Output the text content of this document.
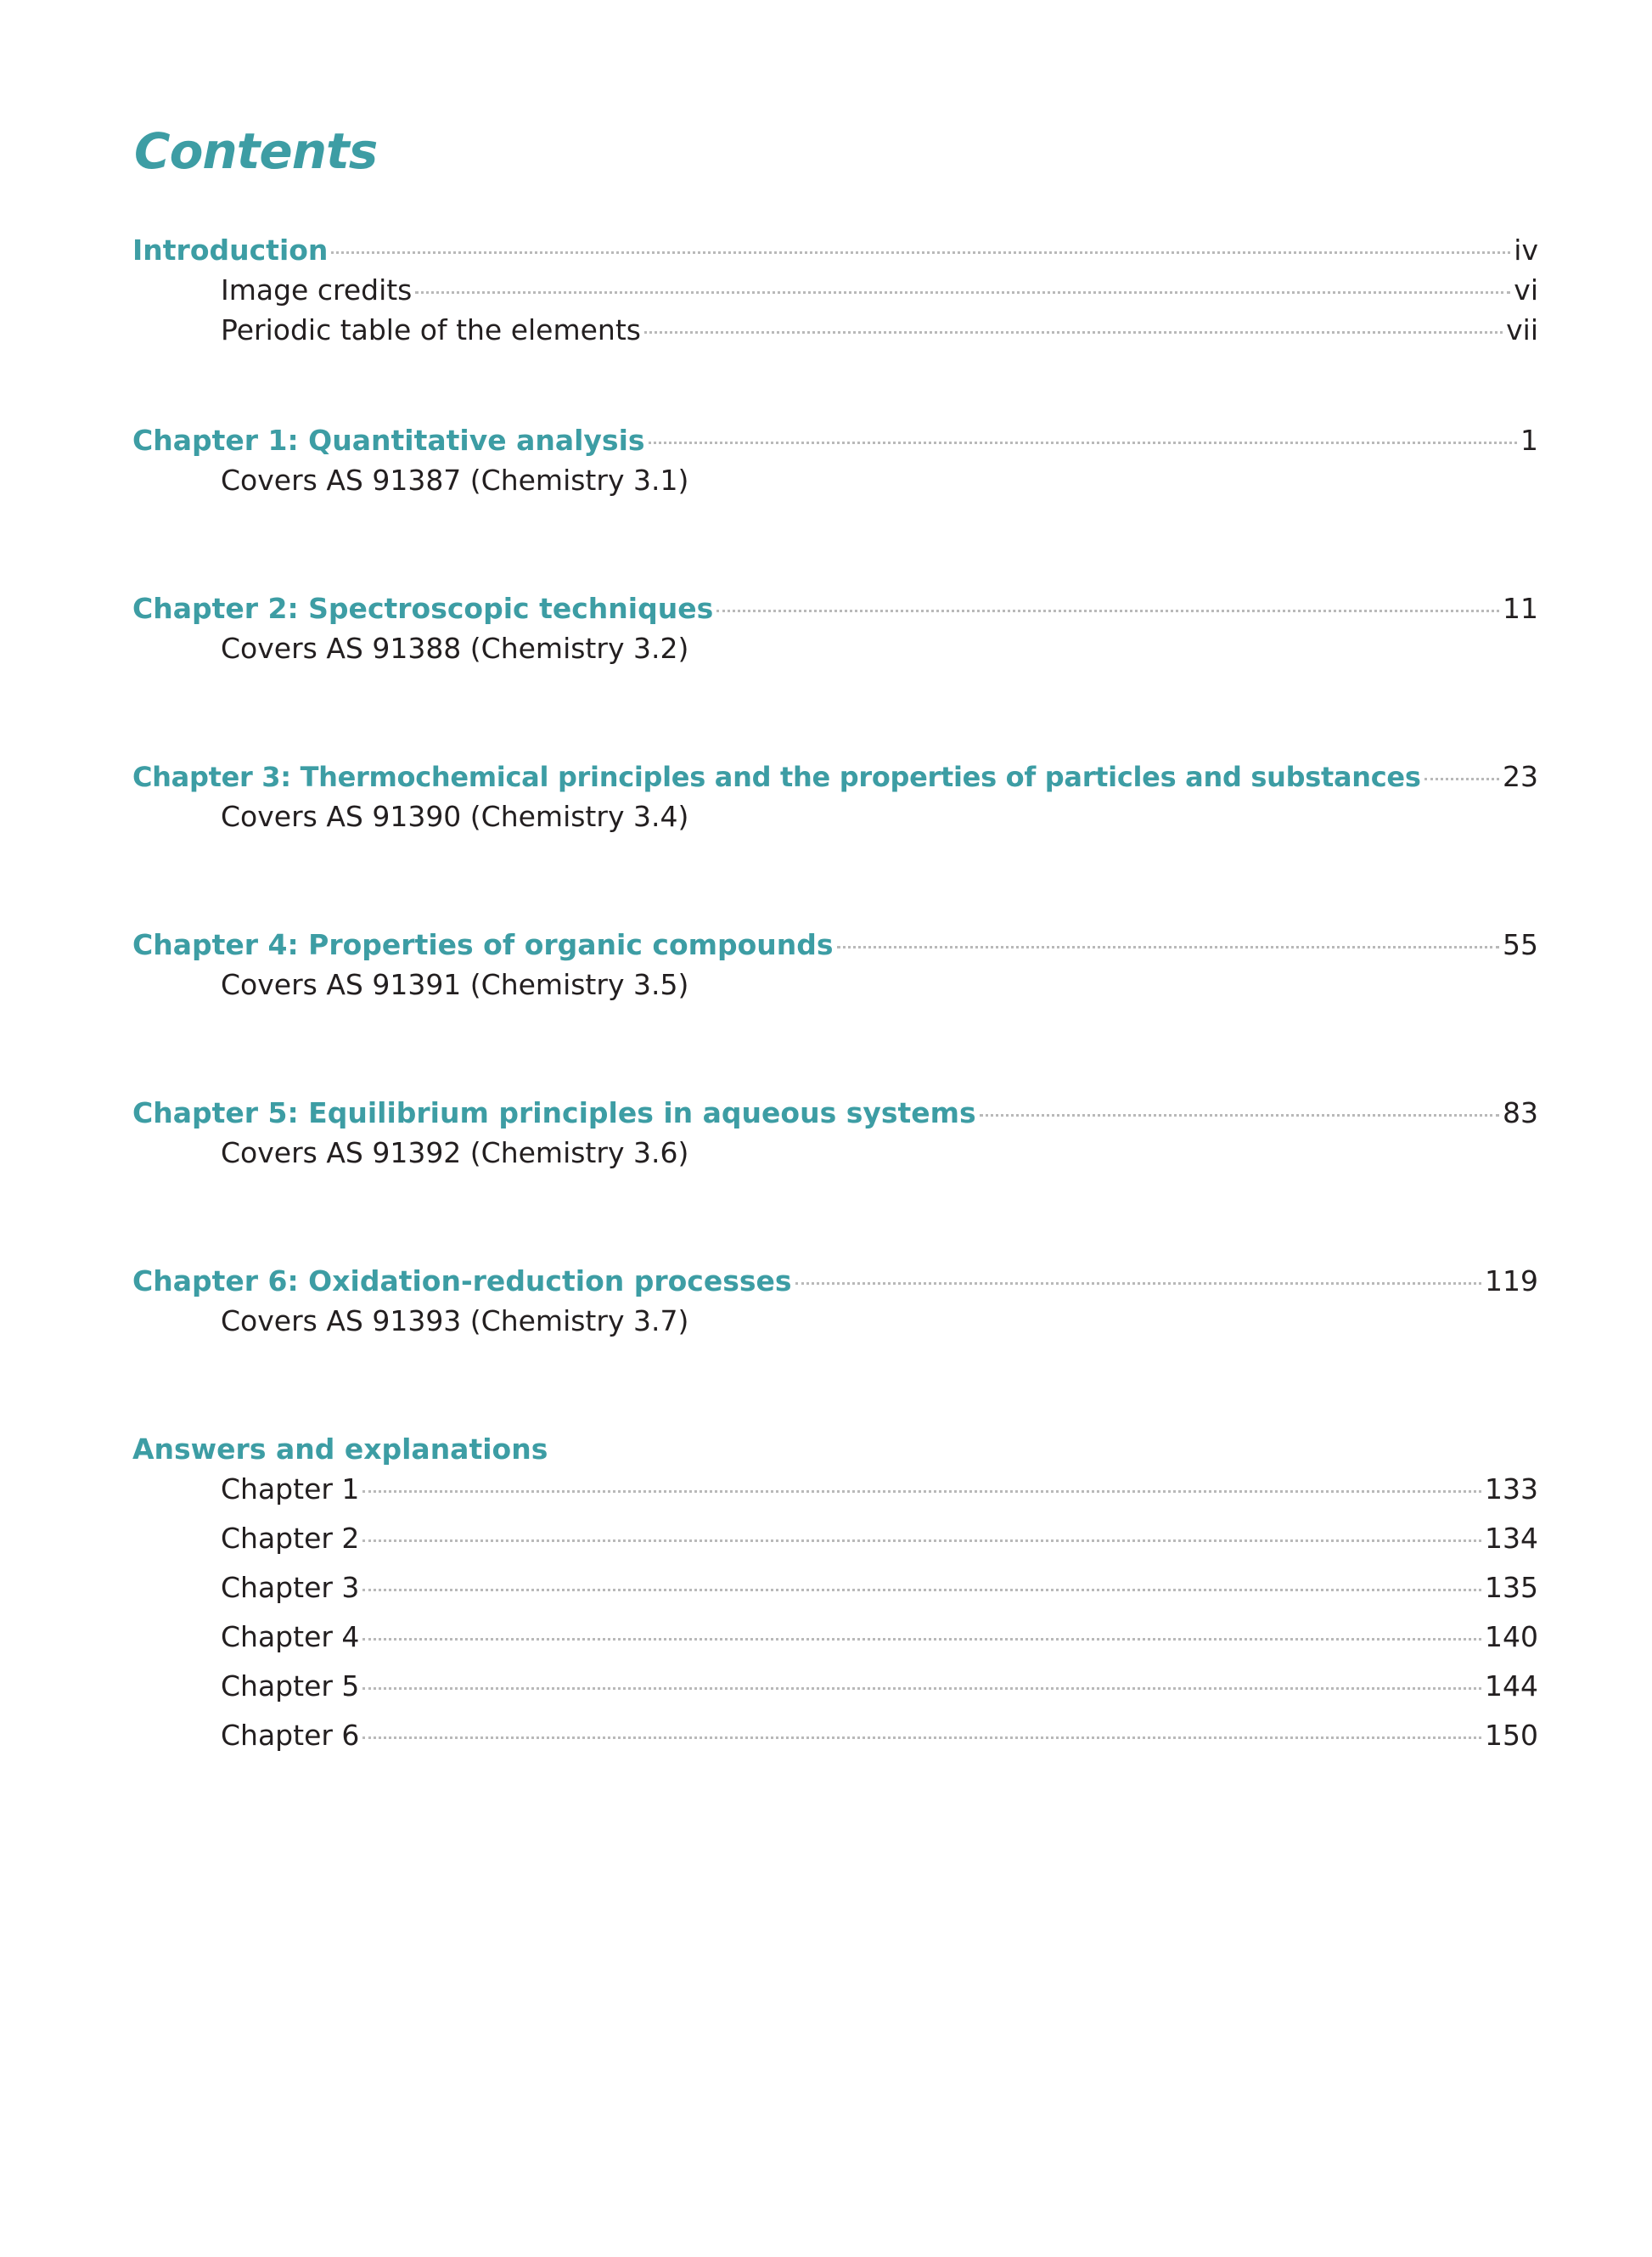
Contents
Introduction	iv
Image credits	vi
Periodic table of the elements	vii
Chapter 1: Quantitative analysis	1
Covers AS 91387 (Chemistry 3.1)
Chapter 2: Spectroscopic techniques	11
Covers AS 91388 (Chemistry 3.2)
Chapter 3: Thermochemical principles and the properties of particles and substances	23
Covers AS 91390 (Chemistry 3.4)
Chapter 4: Properties of organic compounds	55
Covers AS 91391 (Chemistry 3.5)
Chapter 5: Equilibrium principles in aqueous systems	83
Covers AS 91392 (Chemistry 3.6)
Chapter 6: Oxidation-reduction processes	119
Covers AS 91393 (Chemistry 3.7)
Answers and explanations
Chapter 1	133
Chapter 2	134
Chapter 3	135
Chapter 4	140
Chapter 5	144
Chapter 6	150
